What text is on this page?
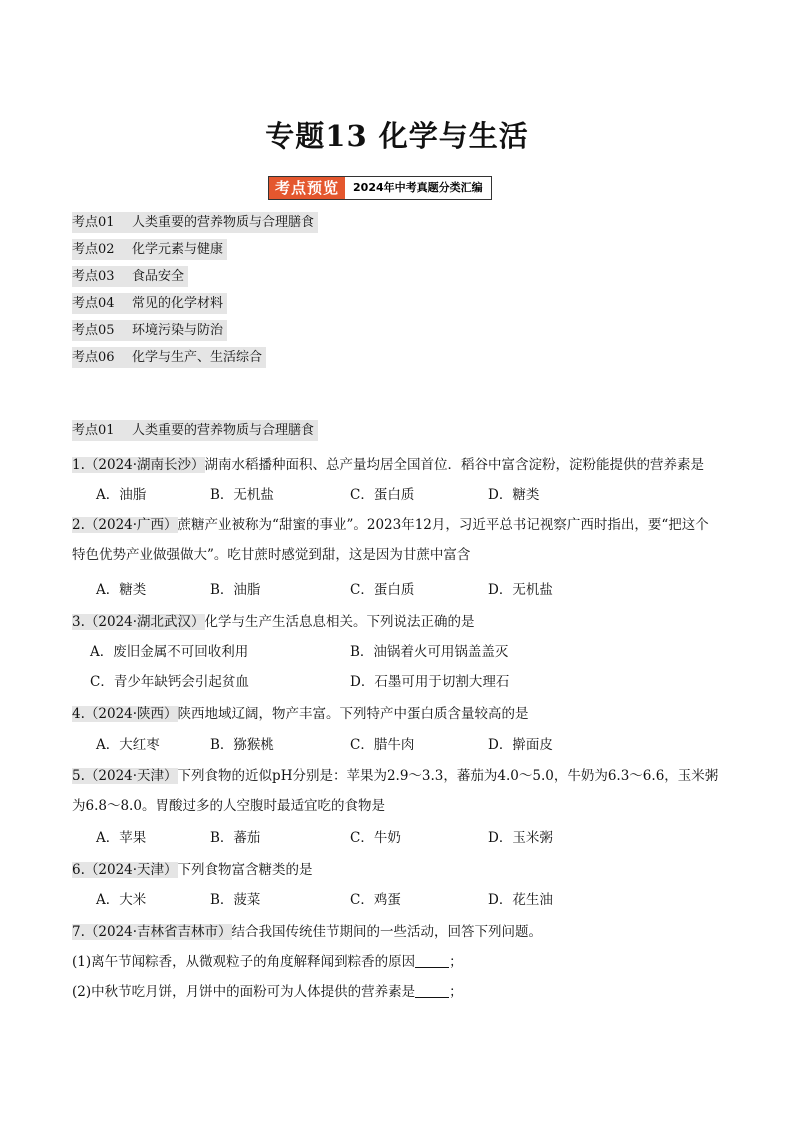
专题13 化学与生活
考点预览	2024年中考真题分类汇编
考点01 人类重要的营养物质与合理膳食
考点02 化学元素与健康
考点03 食品安全
考点04 常见的化学材料
考点05 环境污染与防治
考点06 化学与生产、生活综合
考点01 人类重要的营养物质与合理膳食
1.（2024·湖南长沙）湖南水稻播种面积、总产量均居全国首位．稻谷中富含淀粉，淀粉能提供的营养素是
A．油脂	B．无机盐	C．蛋白质	D．糖类
2.（2024·广西）蔗糖产业被称为“甜蜜的事业”。2023年12月，习近平总书记视察广西时指出，要“把这个
特色优势产业做强做大”。吃甘蔗时感觉到甜，这是因为甘蔗中富含
A．糖类	B．油脂	C．蛋白质	D．无机盐
3.（2024·湖北武汉）化学与生产生活息息相关。下列说法正确的是
A．废旧金属不可回收利用	B．油锅着火可用锅盖盖灭
C．青少年缺钙会引起贫血	D．石墨可用于切割大理石
4.（2024·陕西）陕西地域辽阔，物产丰富。下列特产中蛋白质含量较高的是
A．大红枣	B．猕猴桃	C．腊牛肉	D．擀面皮
5.（2024·天津）下列食物的近似pH分别是：苹果为2.9～3.3，蕃茄为4.0～5.0，牛奶为6.3～6.6，玉米粥
为6.8～8.0。胃酸过多的人空腹时最适宜吃的食物是
A．苹果	B．蕃茄	C．牛奶	D．玉米粥
6.（2024·天津）下列食物富含糖类的是
A．大米	B．菠菜	C．鸡蛋	D．花生油
7.（2024·吉林省吉林市）结合我国传统佳节期间的一些活动，回答下列问题。
(1)离午节闻粽香，从微观粒子的角度解释闻到粽香的原因	；
(2)中秋节吃月饼，月饼中的面粉可为人体提供的营养素是	；
